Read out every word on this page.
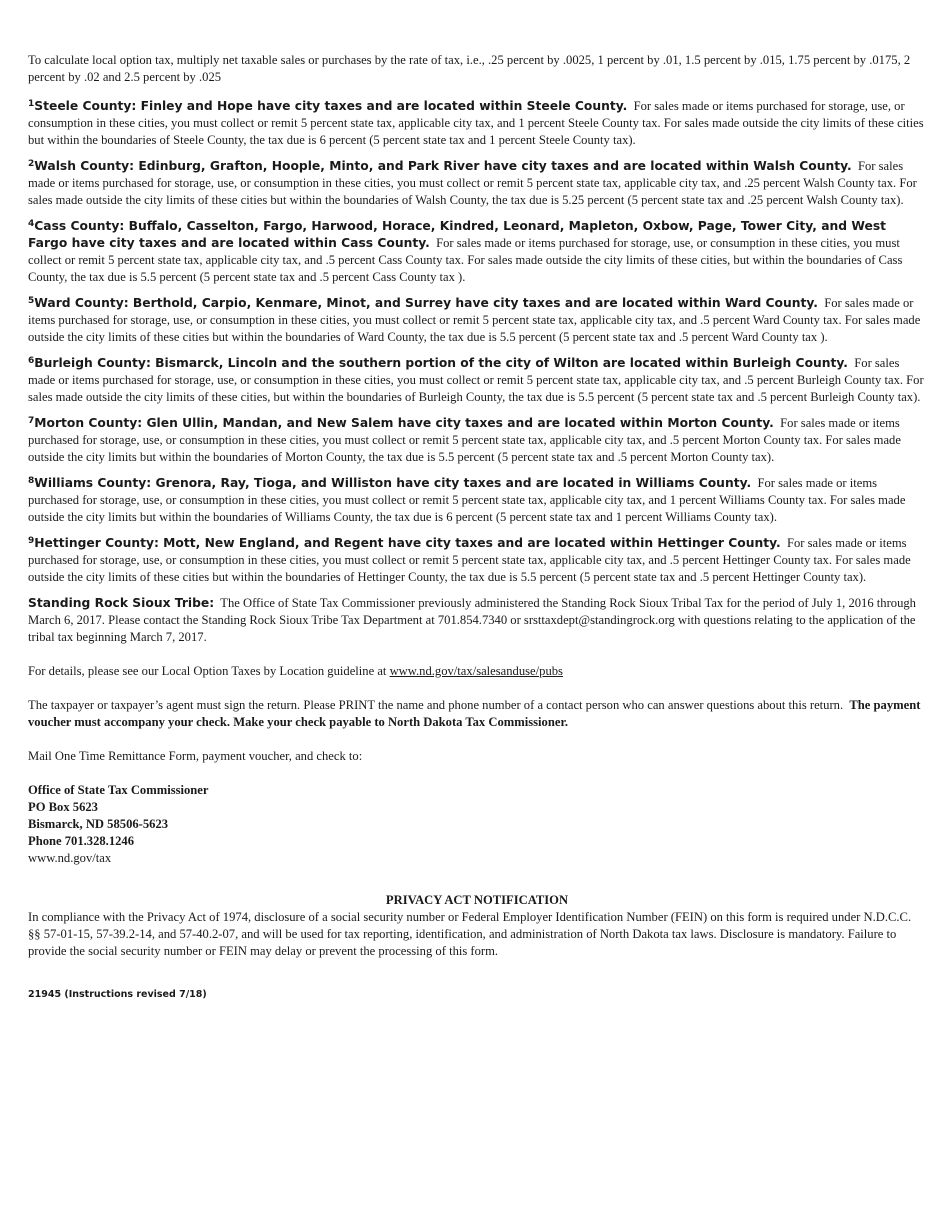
To calculate local option tax, multiply net taxable sales or purchases by the rate of tax, i.e., .25 percent by .0025, 1 percent by .01, 1.5 percent by .015, 1.75 percent by .0175, 2 percent by .02 and 2.5 percent by .025

$^1$Steele County: Finley and Hope have city taxes and are located within Steele County. For sales made or items purchased for storage, use, or consumption in these cities, you must collect or remit 5 percent state tax, applicable city tax, and 1 percent Steele County tax. For sales made outside the city limits of these cities but within the boundaries of Steele County, the tax due is 6 percent (5 percent state tax and 1 percent Steele County tax).

$^2$Walsh County: Edinburg, Grafton, Hoople, Minto, and Park River have city taxes and are located within Walsh County. For sales made or items purchased for storage, use, or consumption in these cities, you must collect or remit 5 percent state tax, applicable city tax, and .25 percent Walsh County tax. For sales made outside the city limits of these cities but within the boundaries of Walsh County, the tax due is 5.25 percent (5 percent state tax and .25 percent Walsh County tax).

$^4$Cass County: Buffalo, Casselton, Fargo, Harwood, Horace, Kindred, Leonard, Mapleton, Oxbow, Page, Tower City, and West Fargo have city taxes and are located within Cass County. For sales made or items purchased for storage, use, or consumption in these cities, you must collect or remit 5 percent state tax, applicable city tax, and .5 percent Cass County tax. For sales made outside the city limits of these cities, but within the boundaries of Cass County, the tax due is 5.5 percent (5 percent state tax and .5 percent Cass County tax ).

$^5$Ward County: Berthold, Carpio, Kenmare, Minot, and Surrey have city taxes and are located within Ward County. For sales made or items purchased for storage, use, or consumption in these cities, you must collect or remit 5 percent state tax, applicable city tax, and .5 percent Ward County tax. For sales made outside the city limits of these cities but within the boundaries of Ward County, the tax due is 5.5 percent (5 percent state tax and .5 percent Ward County tax ).

$^6$Burleigh County: Bismarck, Lincoln and the southern portion of the city of Wilton are located within Burleigh County. For sales made or items purchased for storage, use, or consumption in these cities, you must collect or remit 5 percent state tax, applicable city tax, and .5 percent Burleigh County tax. For sales made outside the city limits of these cities, but within the boundaries of Burleigh County, the tax due is 5.5 percent (5 percent state tax and .5 percent Burleigh County tax).

$^7$Morton County: Glen Ullin, Mandan, and New Salem have city taxes and are located within Morton County. For sales made or items purchased for storage, use, or consumption in these cities, you must collect or remit 5 percent state tax, applicable city tax, and .5 percent Morton County tax. For sales made outside the city limits but within the boundaries of Morton County, the tax due is 5.5 percent (5 percent state tax and .5 percent Morton County tax).

$^8$Williams County: Grenora, Ray, Tioga, and Williston have city taxes and are located in Williams County. For sales made or items purchased for storage, use, or consumption in these cities, you must collect or remit 5 percent state tax, applicable city tax, and 1 percent Williams County tax. For sales made outside the city limits but within the boundaries of Williams County, the tax due is 6 percent (5 percent state tax and 1 percent Williams County tax).

$^9$Hettinger County: Mott, New England, and Regent have city taxes and are located within Hettinger County. For sales made or items purchased for storage, use, or consumption in these cities, you must collect or remit 5 percent state tax, applicable city tax, and .5 percent Hettinger County tax. For sales made outside the city limits of these cities but within the boundaries of Hettinger County, the tax due is 5.5 percent (5 percent state tax and .5 percent Hettinger County tax).

Standing Rock Sioux Tribe: The Office of State Tax Commissioner previously administered the Standing Rock Sioux Tribal Tax for the period of July 1, 2016 through March 6, 2017. Please contact the Standing Rock Sioux Tribe Tax Department at 701.854.7340 or srsttaxdept@standingrock.org with questions relating to the application of the tribal tax beginning March 7, 2017.

For details, please see our Local Option Taxes by Location guideline at www.nd.gov/tax/salesanduse/pubs

The taxpayer or taxpayer’s agent must sign the return. Please PRINT the name and phone number of a contact person who can answer questions about this return. The payment voucher must accompany your check. Make your check payable to North Dakota Tax Commissioner.

Mail One Time Remittance Form, payment voucher, and check to:

Office of State Tax Commissioner
PO Box 5623
Bismarck, ND 58506-5623
Phone 701.328.1246
www.nd.gov/tax

PRIVACY ACT NOTIFICATION

In compliance with the Privacy Act of 1974, disclosure of a social security number or Federal Employer Identification Number (FEIN) on this form is required under N.D.C.C. §§ 57-01-15, 57-39.2-14, and 57-40.2-07, and will be used for tax reporting, identification, and administration of North Dakota tax laws. Disclosure is mandatory. Failure to provide the social security number or FEIN may delay or prevent the processing of this form.

21945 (Instructions revised 7/18)
